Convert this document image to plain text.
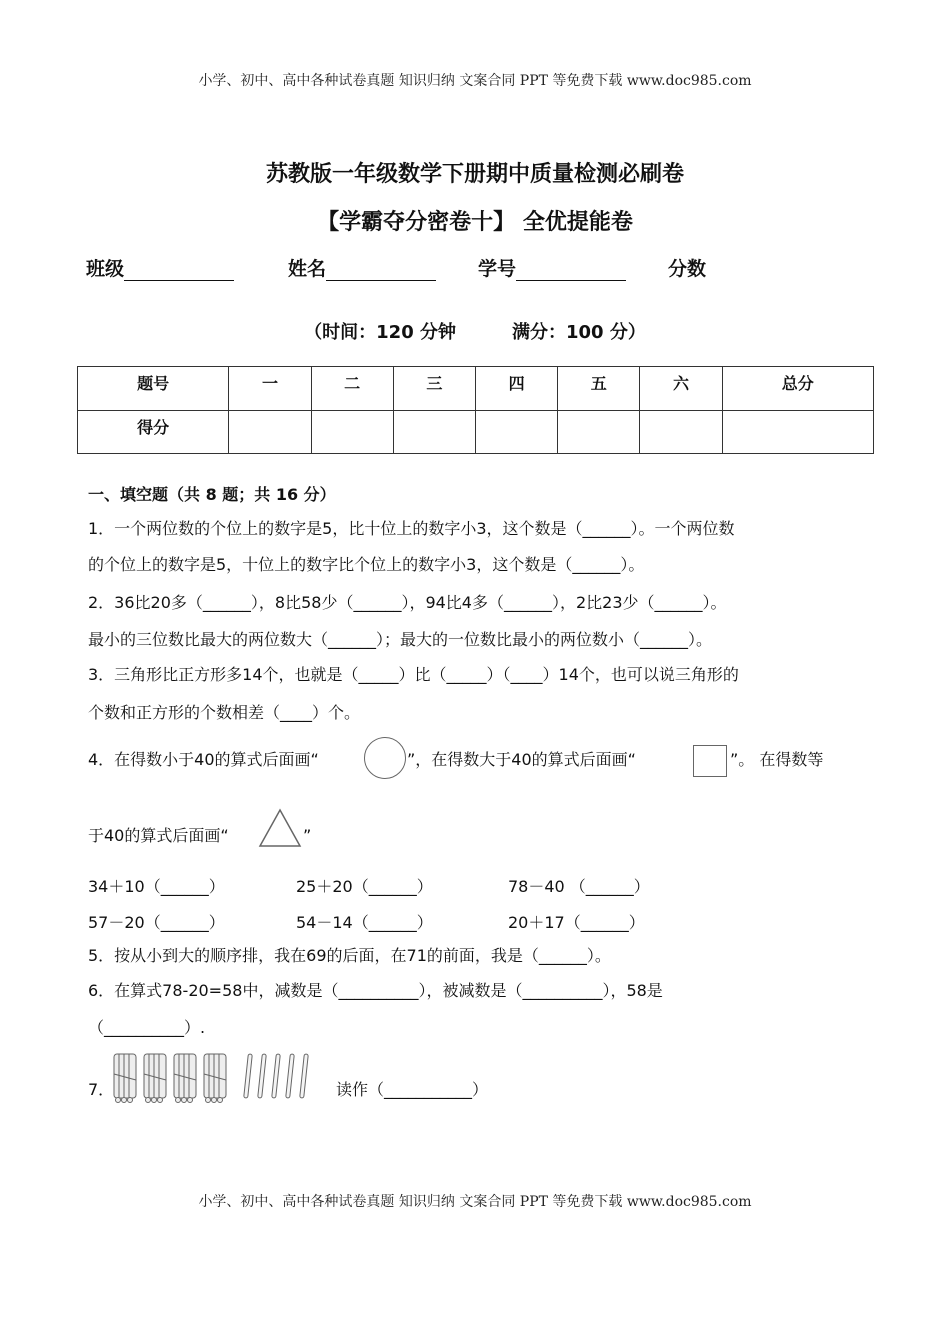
小学、初中、高中各种试卷真题 知识归纳 文案合同 PPT 等免费下载 www.doc985.com
苏教版一年级数学下册期中质量检测必刷卷
【学霸夺分密卷十】 全优提能卷
班级	姓名	学号	分数
（时间：120 分钟	满分：100 分）
题号	一	二	三	四	五	六	总分
得分							
一、填空题（共 8 题；共 16 分）
1．一个两位数的个位上的数字是5，比十位上的数字小3，这个数是（______）。一个两位数
的个位上的数字是5，十位上的数字比个位上的数字小3，这个数是（______）。
2．36比20多（______），8比58少（______），94比4多（______），2比23少（______）。
最小的三位数比最大的两位数大（______）；最大的一位数比最小的两位数小（______）。
3．三角形比正方形多14个，也就是（_____）比（_____）（____）14个，也可以说三角形的
个数和正方形的个数相差（____）个。
4．在得数小于40的算式后面画“	”，在得数大于40的算式后面画“	”。 在得数等
于40的算式后面画“	”
34＋10（______）	25＋20（______）	78－40 （______）
57－20（______）	54－14（______）	20＋17（______）
5．按从小到大的顺序排，我在69的后面，在71的前面，我是（______）。
6．在算式78-20=58中，减数是（__________），被减数是（__________），58是
（__________）.
7．	读作（___________）
小学、初中、高中各种试卷真题 知识归纳 文案合同 PPT 等免费下载 www.doc985.com
